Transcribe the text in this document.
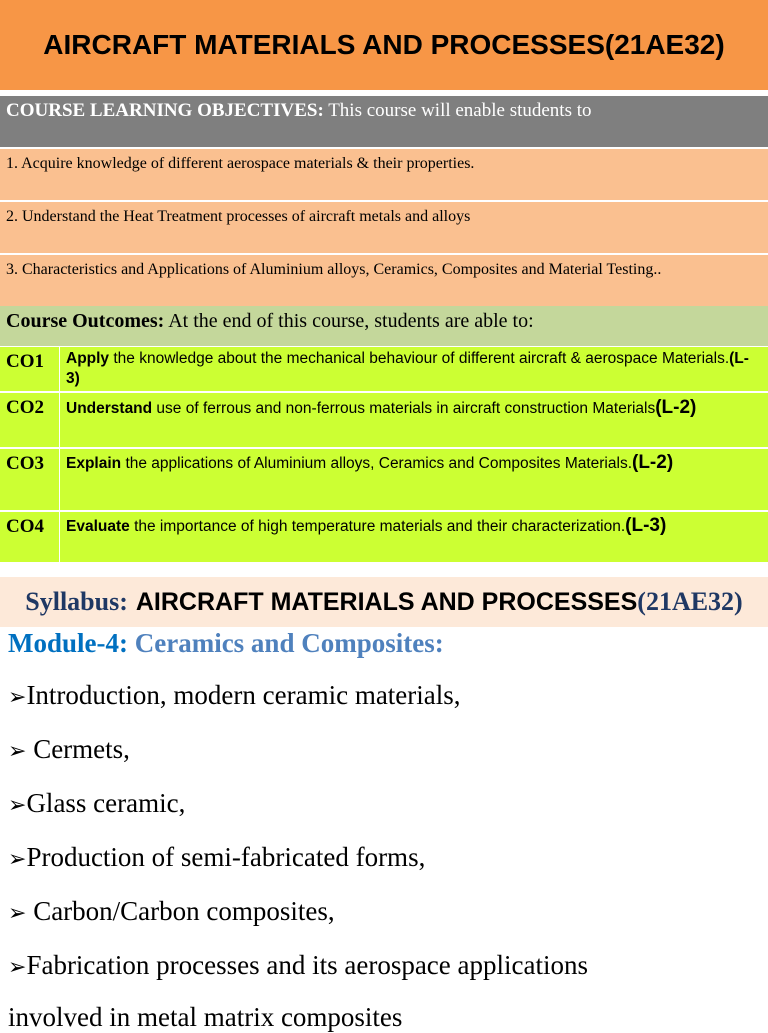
AIRCRAFT MATERIALS AND PROCESSES(21AE32)
COURSE LEARNING OBJECTIVES: This course will enable students to
1. Acquire knowledge of different aerospace materials & their properties.
2. Understand the Heat Treatment processes of aircraft metals and alloys
3. Characteristics and Applications of Aluminium alloys, Ceramics, Composites and Material Testing..
Course Outcomes: At the end of this course, students are able to:
CO1	Apply the knowledge about the mechanical behaviour of different aircraft & aerospace Materials.(L-3)
CO2	Understand use of ferrous and non-ferrous materials in aircraft construction Materials(L-2)
CO3	Explain the applications of Aluminium alloys, Ceramics and Composites Materials.(L-2)
CO4	Evaluate the importance of high temperature materials and their characterization.(L-3)
Syllabus: AIRCRAFT MATERIALS AND PROCESSES (21AE32)
Module-4: Ceramics and Composites:
➢Introduction, modern ceramic materials,
➢ Cermets,
➢Glass ceramic,
➢Production of semi-fabricated forms,
➢ Carbon/Carbon composites,
➢Fabrication processes and its aerospace applications
involved in metal matrix composites
